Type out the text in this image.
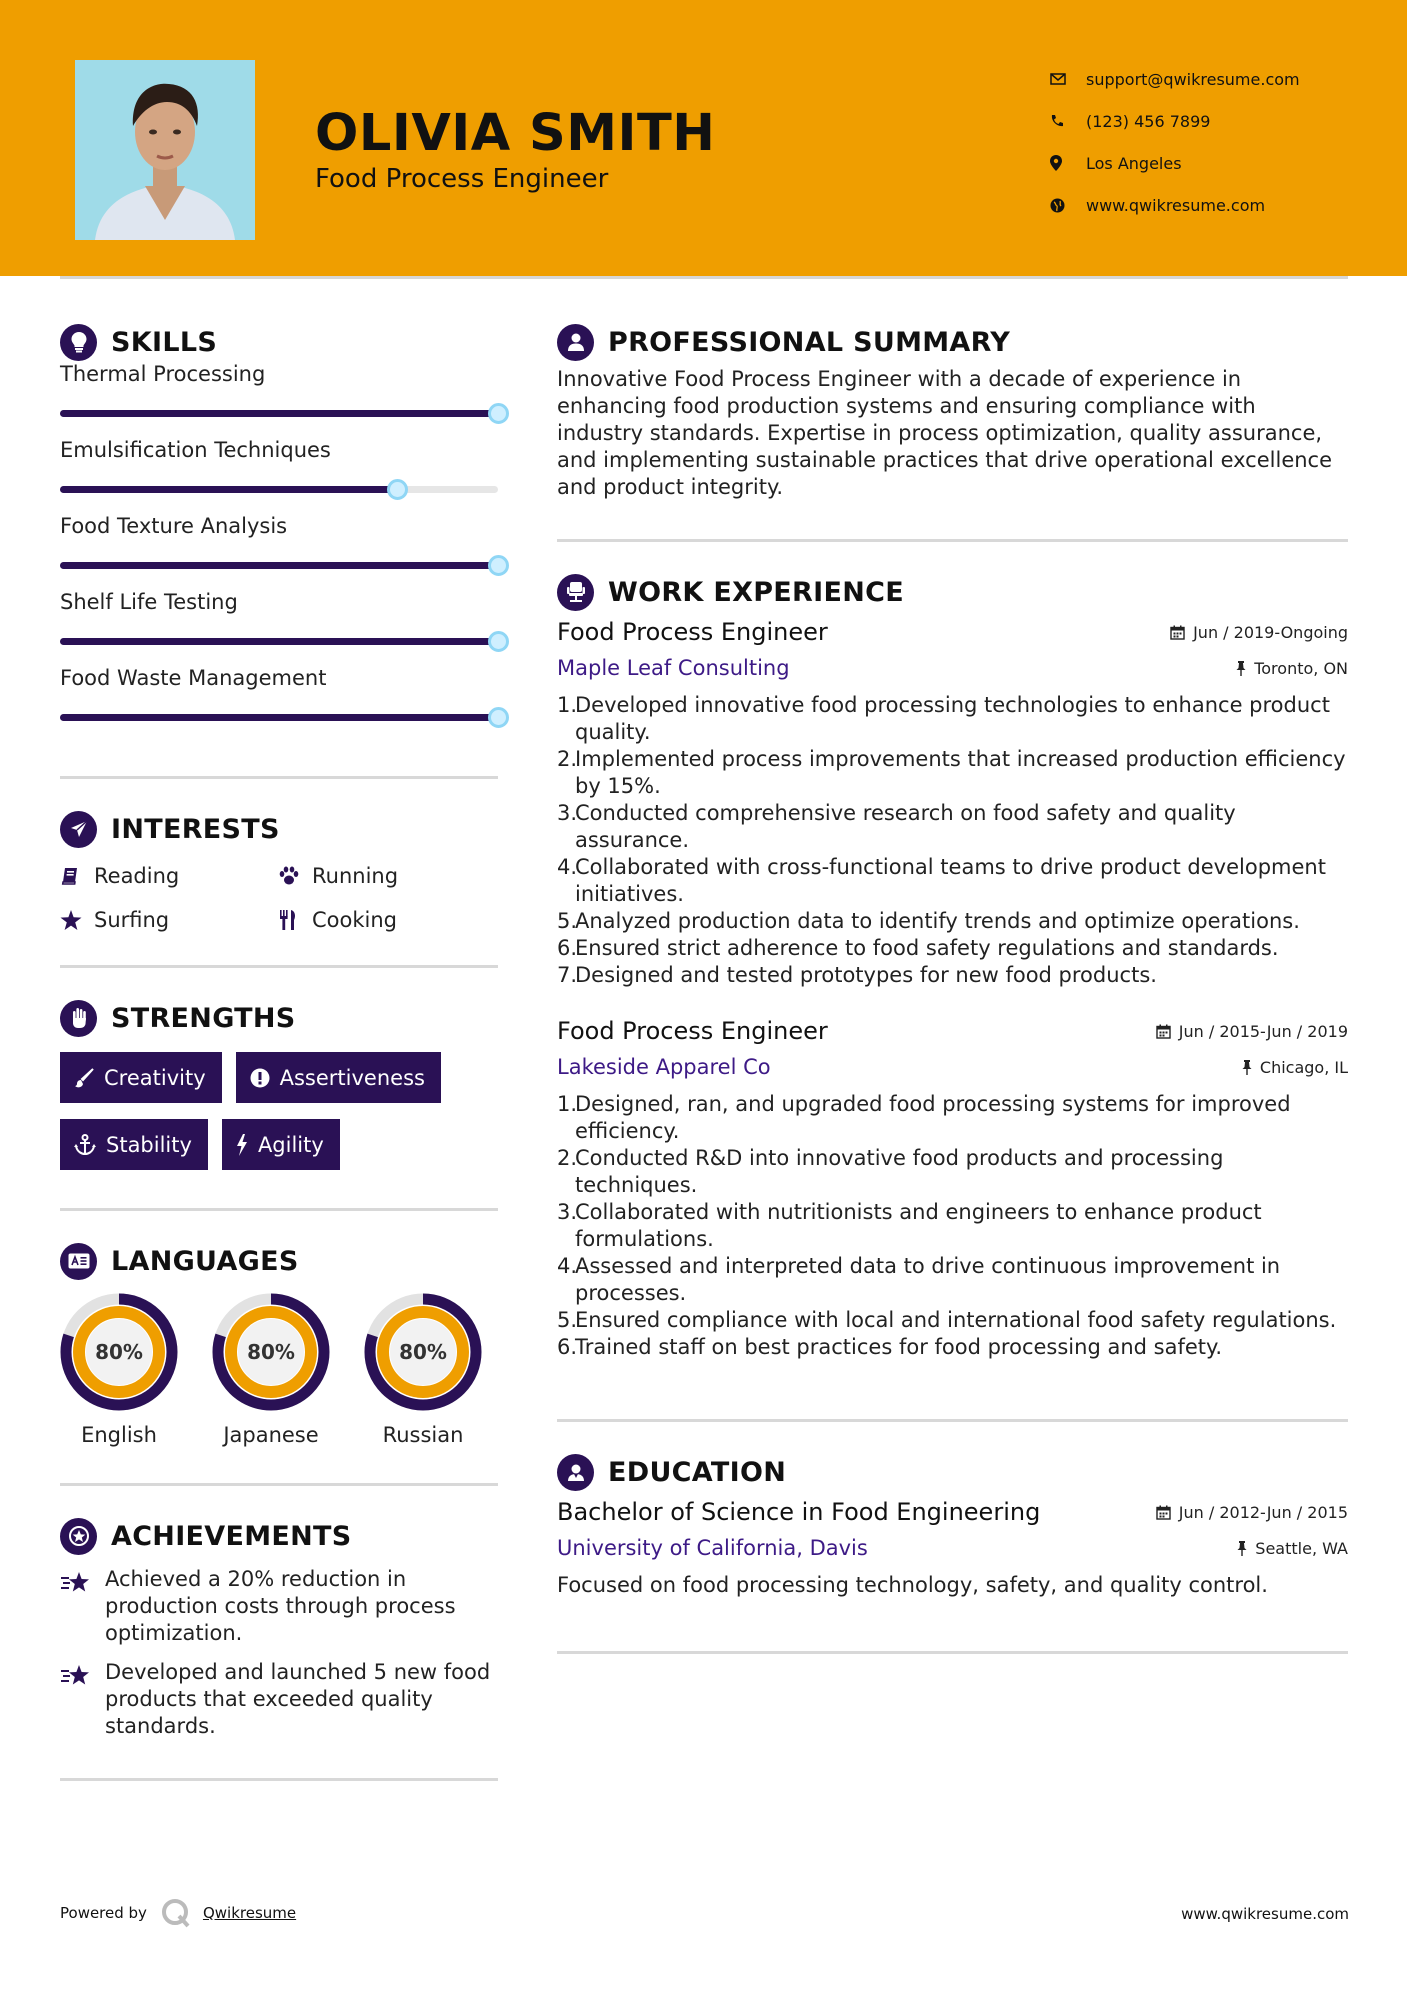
OLIVIA SMITH
Food Process Engineer
support@qwikresume.com
(123) 456 7899
Los Angeles
www.qwikresume.com
SKILLS
Thermal Processing
Emulsification Techniques
Food Texture Analysis
Shelf Life Testing
Food Waste Management
INTERESTS
Reading	Running
Surfing	Cooking
STRENGTHS
Creativity	Assertiveness
Stability	Agility
LANGUAGES
80%
English
80%
Japanese
80%
Russian
ACHIEVEMENTS
Achieved a 20% reduction in production costs through process optimization.
Developed and launched 5 new food products that exceeded quality standards.
PROFESSIONAL SUMMARY

Innovative Food Process Engineer with a decade of experience in enhancing food production systems and ensuring compliance with industry standards. Expertise in process optimization, quality assurance, and implementing sustainable practices that drive operational excellence and product integrity.

WORK EXPERIENCE
Food Process Engineer	Jun / 2019-Ongoing
Maple Leaf Consulting	Toronto, ON
1.
Developed innovative food processing technologies to enhance product quality.
2.
Implemented process improvements that increased production efficiency by 15%.
3.
Conducted comprehensive research on food safety and quality assurance.
4.
Collaborated with cross-functional teams to drive product development initiatives.
5.
Analyzed production data to identify trends and optimize operations.
6.
Ensured strict adherence to food safety regulations and standards.
7.
Designed and tested prototypes for new food products.
Food Process Engineer	Jun / 2015-Jun / 2019
Lakeside Apparel Co	Chicago, IL
1.
Designed, ran, and upgraded food processing systems for improved efficiency.
2.
Conducted R&D into innovative food products and processing techniques.
3.
Collaborated with nutritionists and engineers to enhance product formulations.
4.
Assessed and interpreted data to drive continuous improvement in processes.
5.
Ensured compliance with local and international food safety regulations.
6.
Trained staff on best practices for food processing and safety.
EDUCATION
Bachelor of Science in Food Engineering	Jun / 2012-Jun / 2015
University of California, Davis	Seattle, WA

Focused on food processing technology, safety, and quality control.

Powered by	Qwikresume	www.qwikresume.com
